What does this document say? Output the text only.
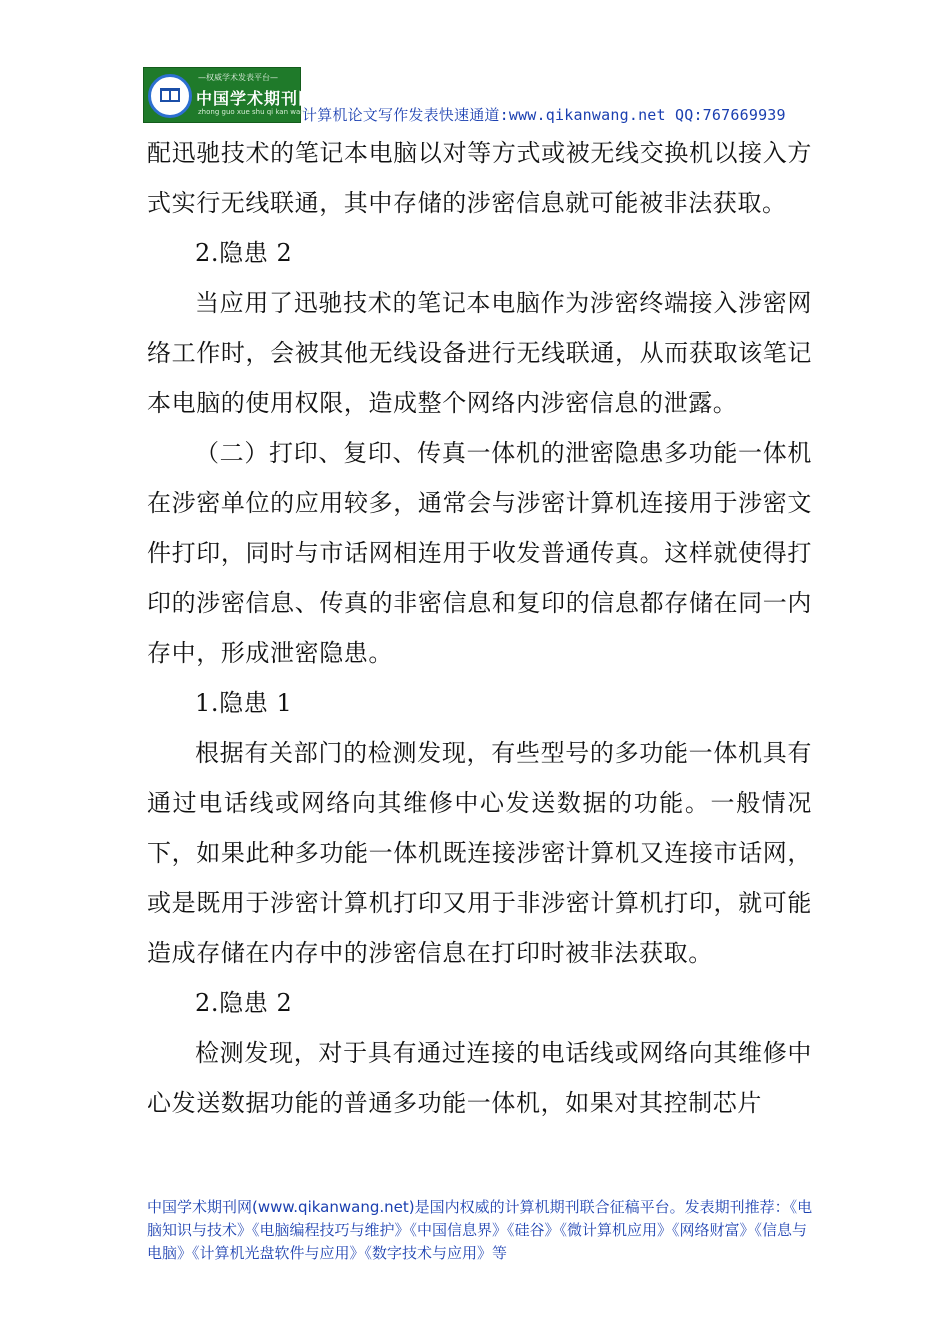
—权威学术发表平台—
中国学术期刊网
zhong guo xue shu qi kan wang
计算机论文写作发表快速通道:www.qikanwang.net QQ:767669939

配迅驰技术的笔记本电脑以对等方式或被无线交换机以接入方式实行无线联通，其中存储的涉密信息就可能被非法获取。

2.隐患 2

当应用了迅驰技术的笔记本电脑作为涉密终端接入涉密网络工作时，会被其他无线设备进行无线联通，从而获取该笔记本电脑的使用权限，造成整个网络内涉密信息的泄露。

（二）打印、复印、传真一体机的泄密隐患多功能一体机在涉密单位的应用较多，通常会与涉密计算机连接用于涉密文件打印，同时与市话网相连用于收发普通传真。这样就使得打印的涉密信息、传真的非密信息和复印的信息都存储在同一内存中，形成泄密隐患。

1.隐患 1

根据有关部门的检测发现，有些型号的多功能一体机具有通过电话线或网络向其维修中心发送数据的功能。一般情况下，如果此种多功能一体机既连接涉密计算机又连接市话网，或是既用于涉密计算机打印又用于非涉密计算机打印，就可能造成存储在内存中的涉密信息在打印时被非法获取。

2.隐患 2

检测发现，对于具有通过连接的电话线或网络向其维修中心发送数据功能的普通多功能一体机，如果对其控制芯片

中国学术期刊网(www.qikanwang.net)是国内权威的计算机期刊联合征稿平台。发表期刊推荐：《电脑知识与技术》《电脑编程技巧与维护》《中国信息界》《硅谷》《微计算机应用》《网络财富》《信息与电脑》《计算机光盘软件与应用》《数字技术与应用》等
